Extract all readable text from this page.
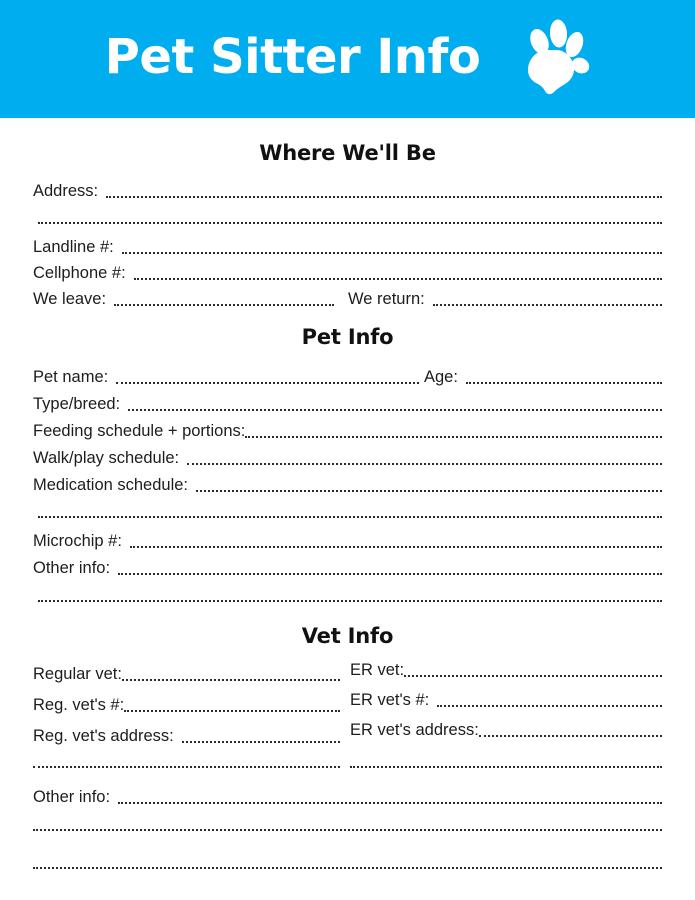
Pet Sitter Info
Where We'll Be
Address:
Landline #:
Cellphone #:
We leave:	We return:
Pet Info
Pet name:	Age:
Type/breed:
Feeding schedule + portions:
Walk/play schedule:
Medication schedule:
Microchip #:
Other info:
Vet Info
Regular vet:
Reg. vet's #:
Reg. vet's address:
ER vet:
ER vet's #:
ER vet's address:
Other info:
